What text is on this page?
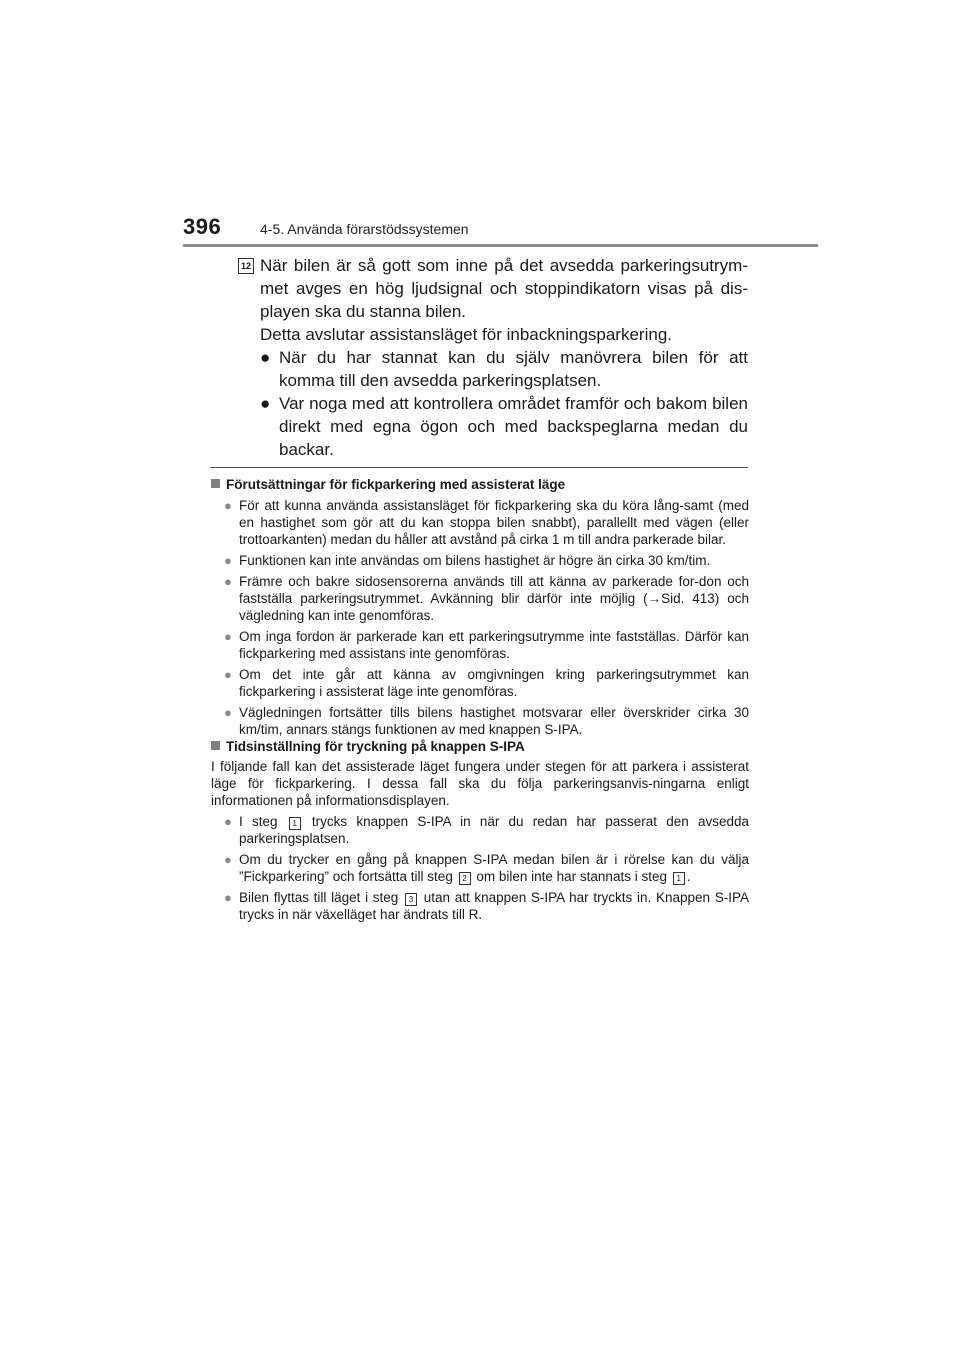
396	4-5. Använda förarstödssystemen
12 När bilen är så gott som inne på det avsedda parkeringsutrym-met avges en hög ljudsignal och stoppindikatorn visas på dis-playen ska du stanna bilen.

Detta avslutar assistansläget för inbackningsparkering.

● När du har stannat kan du själv manövrera bilen för att komma till den avsedda parkeringsplatsen.
● Var noga med att kontrollera området framför och bakom bilen direkt med egna ögon och med backspeglarna medan du backar.
Förutsättningar för fickparkering med assisterat läge
● För att kunna använda assistansläget för fickparkering ska du köra lång-samt (med en hastighet som gör att du kan stoppa bilen snabbt), parallellt med vägen (eller trottoarkanten) medan du håller att avstånd på cirka 1 m till andra parkerade bilar.
● Funktionen kan inte användas om bilens hastighet är högre än cirka 30 km/tim.
● Främre och bakre sidosensorerna används till att känna av parkerade for-don och fastställa parkeringsutrymmet. Avkänning blir därför inte möjlig (→Sid. 413) och vägledning kan inte genomföras.
● Om inga fordon är parkerade kan ett parkeringsutrymme inte fastställas. Därför kan fickparkering med assistans inte genomföras.
● Om det inte går att känna av omgivningen kring parkeringsutrymmet kan fickparkering i assisterat läge inte genomföras.
● Vägledningen fortsätter tills bilens hastighet motsvarar eller överskrider cirka 30 km/tim, annars stängs funktionen av med knappen S-IPA.
Tidsinställning för tryckning på knappen S-IPA
I följande fall kan det assisterade läget fungera under stegen för att parkera i assisterat läge för fickparkering. I dessa fall ska du följa parkeringsanvis-ningarna enligt informationen på informationsdisplayen.
● I steg 1 trycks knappen S-IPA in när du redan har passerat den avsedda parkeringsplatsen.
● Om du trycker en gång på knappen S-IPA medan bilen är i rörelse kan du välja ”Fickparkering” och fortsätta till steg 2 om bilen inte har stannats i steg 1 .
● Bilen flyttas till läget i steg 3 utan att knappen S-IPA har tryckts in. Knappen S-IPA trycks in när växelläget har ändrats till R.
